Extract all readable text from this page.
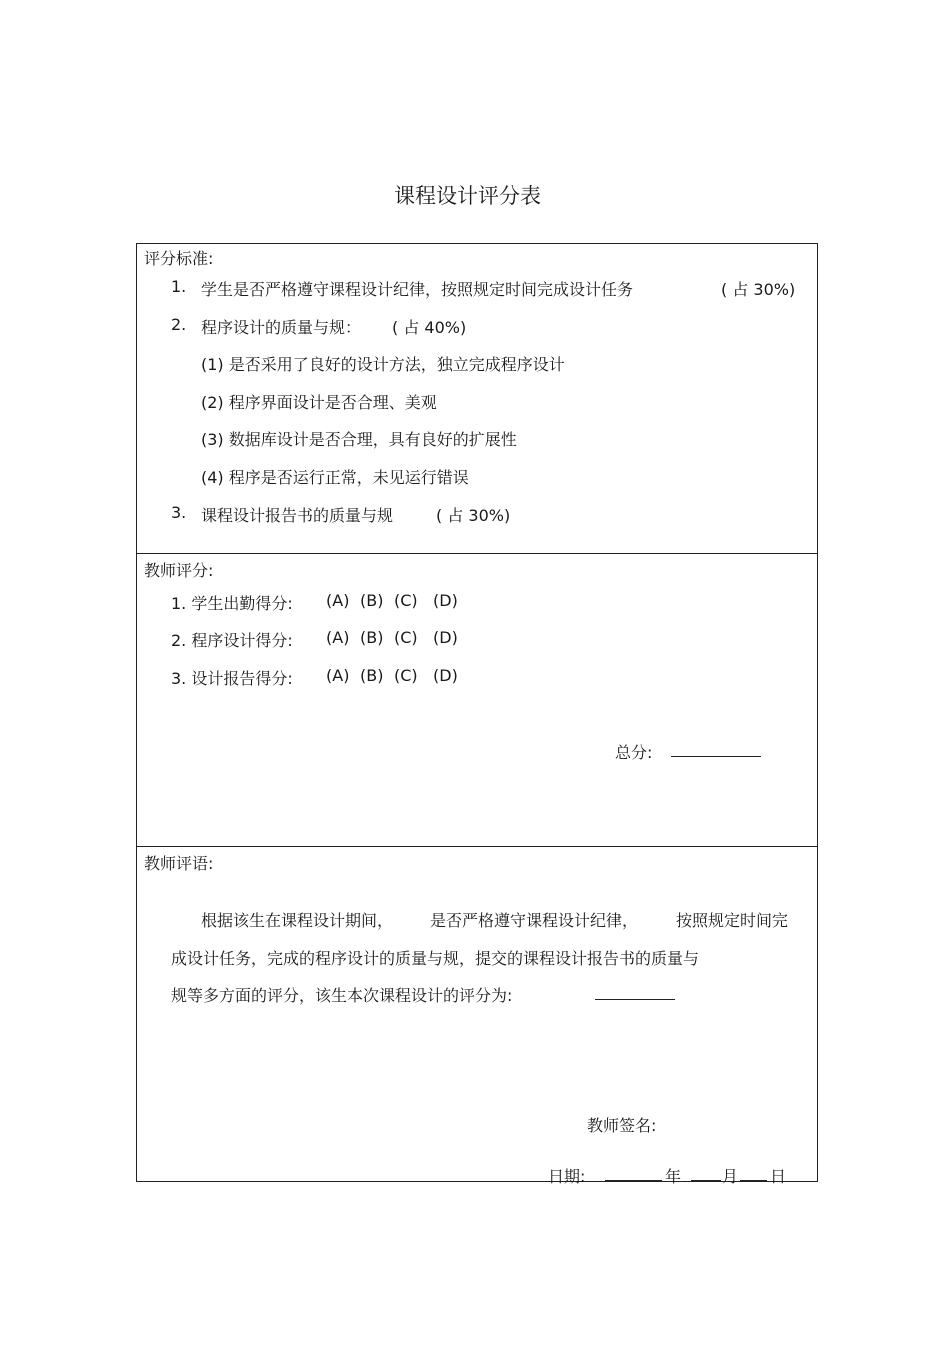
课程设计评分表
评分标准:
1. 学生是否严格遵守课程设计纪律，按照规定时间完成设计任务	( 占 30%)
2. 程序设计的质量与规： ( 占 40%)
(1) 是否采用了良好的设计方法，独立完成程序设计
(2) 程序界面设计是否合理、美观
(3) 数据库设计是否合理，具有良好的扩展性
(4) 程序是否运行正常，未见运行错误
3. 课程设计报告书的质量与规	( 占 30%)
教师评分:
1. 学生出勤得分: (A) (B) (C) (D)
2. 程序设计得分: (A) (B) (C) (D)
3. 设计报告得分: (A) (B) (C) (D)
总分:
教师评语:
根据该生在课程设计期间， 是否严格遵守课程设计纪律， 按照规定时间完
成设计任务，完成的程序设计的质量与规，提交的课程设计报告书的质量与
规等多方面的评分，该生本次课程设计的评分为:
教师签名:
日期:	年	月 日
